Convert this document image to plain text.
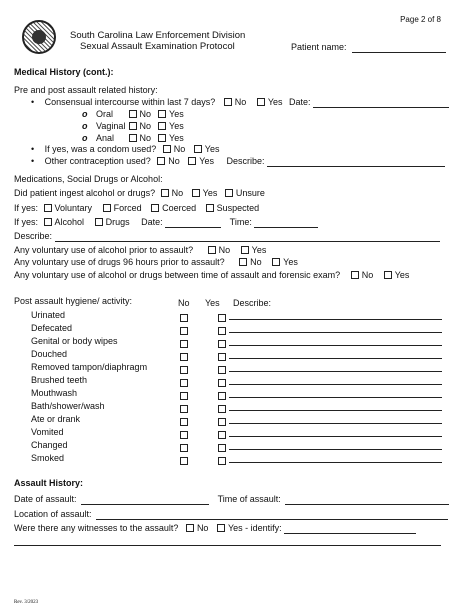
Page 2 of 8
South Carolina Law Enforcement Division
Sexual Assault Examination Protocol	Patient name:
Medical History (cont.):
Pre and post assault related history:
• Consensual intercourse within last 7 days? No Yes Date:
o Oral	No Yes
o Vaginal No Yes
o Anal	No Yes
• If yes, was a condom used? No Yes
• Other contraception used? No Yes Describe:
Medications, Social Drugs or Alcohol:
Did patient ingest alcohol or drugs? No Yes Unsure
If yes: Voluntary Forced Coerced Suspected
If yes: Alcohol Drugs Date:	Time:
Describe:
Any voluntary use of alcohol prior to assault?	No Yes
Any voluntary use of drugs 96 hours prior to assault?	No Yes
Any voluntary use of alcohol or drugs between time of assault and forensic exam? No Yes
Post assault hygiene/ activity:	No Yes Describe:
Urinated
Defecated
Genital or body wipes
Douched
Removed tampon/diaphragm
Brushed teeth
Mouthwash
Bath/shower/wash
Ate or drank
Vomited
Changed
Smoked
Assault History:
Date of assault:	Time of assault:
Location of assault:
Were there any witnesses to the assault? No Yes - identify:
Rev. 3/2023
